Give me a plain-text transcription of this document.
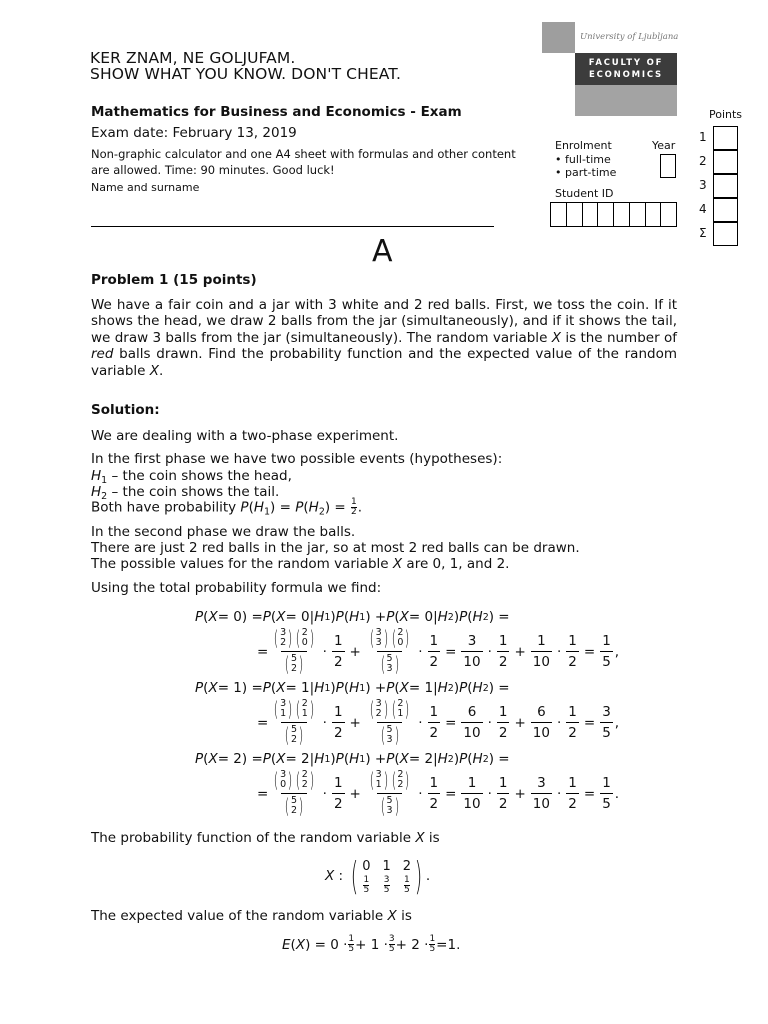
KER ZNAM, NE GOLJUFAM.
SHOW WHAT YOU KNOW. DON'T CHEAT.
University of Ljubljana
FACULTY OF
ECONOMICS
Mathematics for Business and Economics - Exam
Exam date: February 13, 2019
Non-graphic calculator and one A4 sheet with formulas and other content are allowed. Time: 90 minutes. Good luck!
Name and surname
Enrolment
• full-time
• part-time
Year
Student ID
Points
1
2
3
4
Σ
A
Problem 1 (15 points)
We have a fair coin and a jar with 3 white and 2 red balls. First, we toss the coin. If it shows the head, we draw 2 balls from the jar (simultaneously), and if it shows the tail, we draw 3 balls from the jar (simultaneously). The random variable X is the number of red balls drawn. Find the probability function and the expected value of the random variable X.
Solution:
We are dealing with a two-phase experiment.
In the first phase we have two possible events (hypotheses):
$H_1$ – the coin shows the head,
$H_2$ – the coin shows the tail.
Both have probability $P(H_1) = P(H_2) = \frac{1}{2}$ .
In the second phase we draw the balls.
There are just 2 red balls in the jar, so at most 2 red balls can be drawn.
The possible values for the random variable X are 0, 1, and 2.
Using the total probability formula we find:
P ( X = 0) = P ( X = 0| H 1 ) P ( H 1 ) + P ( X = 0| H 2 ) P ( H 2 ) =
= ( 3
2 ) ( 2
0 )
( 5
2 ) · $\frac{1}{2}$ + ( 3
3 ) ( 2
0 )
( 5
3 ) · $\frac{1}{2} = \frac{3}{10} \cdot \frac{1}{2} + \frac{1}{10} \cdot \frac{1}{2} = \frac{1}{5}$ ,
P ( X = 1) = P ( X = 1| H 1 ) P ( H 1 ) + P ( X = 1| H 2 ) P ( H 2 ) =
= ( 3
1 ) ( 2
1 )
( 5
2 ) · $\frac{1}{2}$ + ( 3
2 ) ( 2
1 )
( 5
3 ) · $\frac{1}{2} = \frac{6}{10} \cdot \frac{1}{2} + \frac{6}{10} \cdot \frac{1}{2} = \frac{3}{5}$ ,
P ( X = 2) = P ( X = 2| H 1 ) P ( H 1 ) + P ( X = 2| H 2 ) P ( H 2 ) =
= ( 3
0 ) ( 2
2 )
( 5
2 ) · $\frac{1}{2}$ + ( 3
1 ) ( 2
2 )
( 5
3 ) · $\frac{1}{2} = \frac{1}{10} \cdot \frac{1}{2} + \frac{3}{10} \cdot \frac{1}{2} = \frac{1}{5}$ .
The probability function of the random variable X is
X : ( 0
1
5
1
3
5
2
1
5 ) .
The expected value of the random variable X is
E ( X ) = 0 · 1
5 + 1 · 3
5 + 2 · 1
5 = 1 .
